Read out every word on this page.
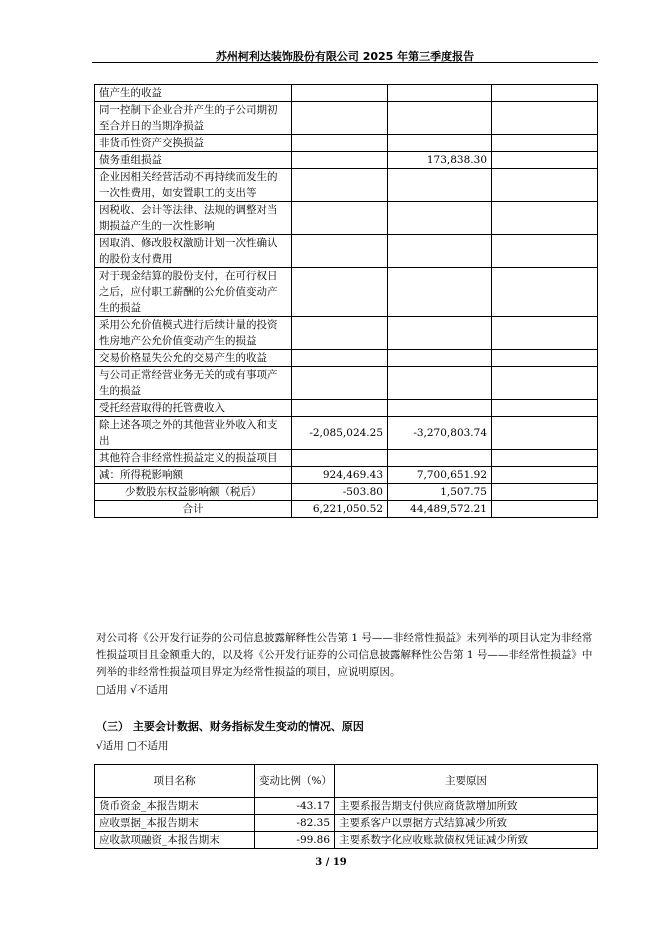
苏州柯利达装饰股份有限公司 2025 年第三季度报告
值产生的收益			
同一控制下企业合并产生的子公司期初至合并日的当期净损益			
非货币性资产交换损益			
债务重组损益		173,838.30	
企业因相关经营活动不再持续而发生的一次性费用，如安置职工的支出等			
因税收、会计等法律、法规的调整对当期损益产生的一次性影响			
因取消、修改股权激励计划一次性确认的股份支付费用			
对于现金结算的股份支付，在可行权日之后，应付职工薪酬的公允价值变动产生的损益			
采用公允价值模式进行后续计量的投资性房地产公允价值变动产生的损益			
交易价格显失公允的交易产生的收益			
与公司正常经营业务无关的或有事项产生的损益			
受托经营取得的托管费收入			
除上述各项之外的其他营业外收入和支出	-2,085,024.25	-3,270,803.74	
其他符合非经常性损益定义的损益项目			
减：所得税影响额	924,469.43	7,700,651.92	
少数股东权益影响额（税后）	-503.80	1,507.75	
合计	6,221,050.52	44,489,572.21	
对公司将《公开发行证券的公司信息披露解释性公告第 1 号——非经常性损益》未列举的项目认定为非经常性损益项目且金额重大的，以及将《公开发行证券的公司信息披露解释性公告第 1 号——非经常性损益》中列举的非经常性损益项目界定为经常性损益的项目，应说明原因。
□适用 √不适用
（三） 主要会计数据、财务指标发生变动的情况、原因
√适用 □不适用
项目名称	变动比例（%）	主要原因
货币资金_本报告期末	-43.17	主要系报告期支付供应商货款增加所致
应收票据_本报告期末	-82.35	主要系客户以票据方式结算减少所致
应收款项融资_本报告期末	-99.86	主要系数字化应收账款债权凭证减少所致
3 / 19
